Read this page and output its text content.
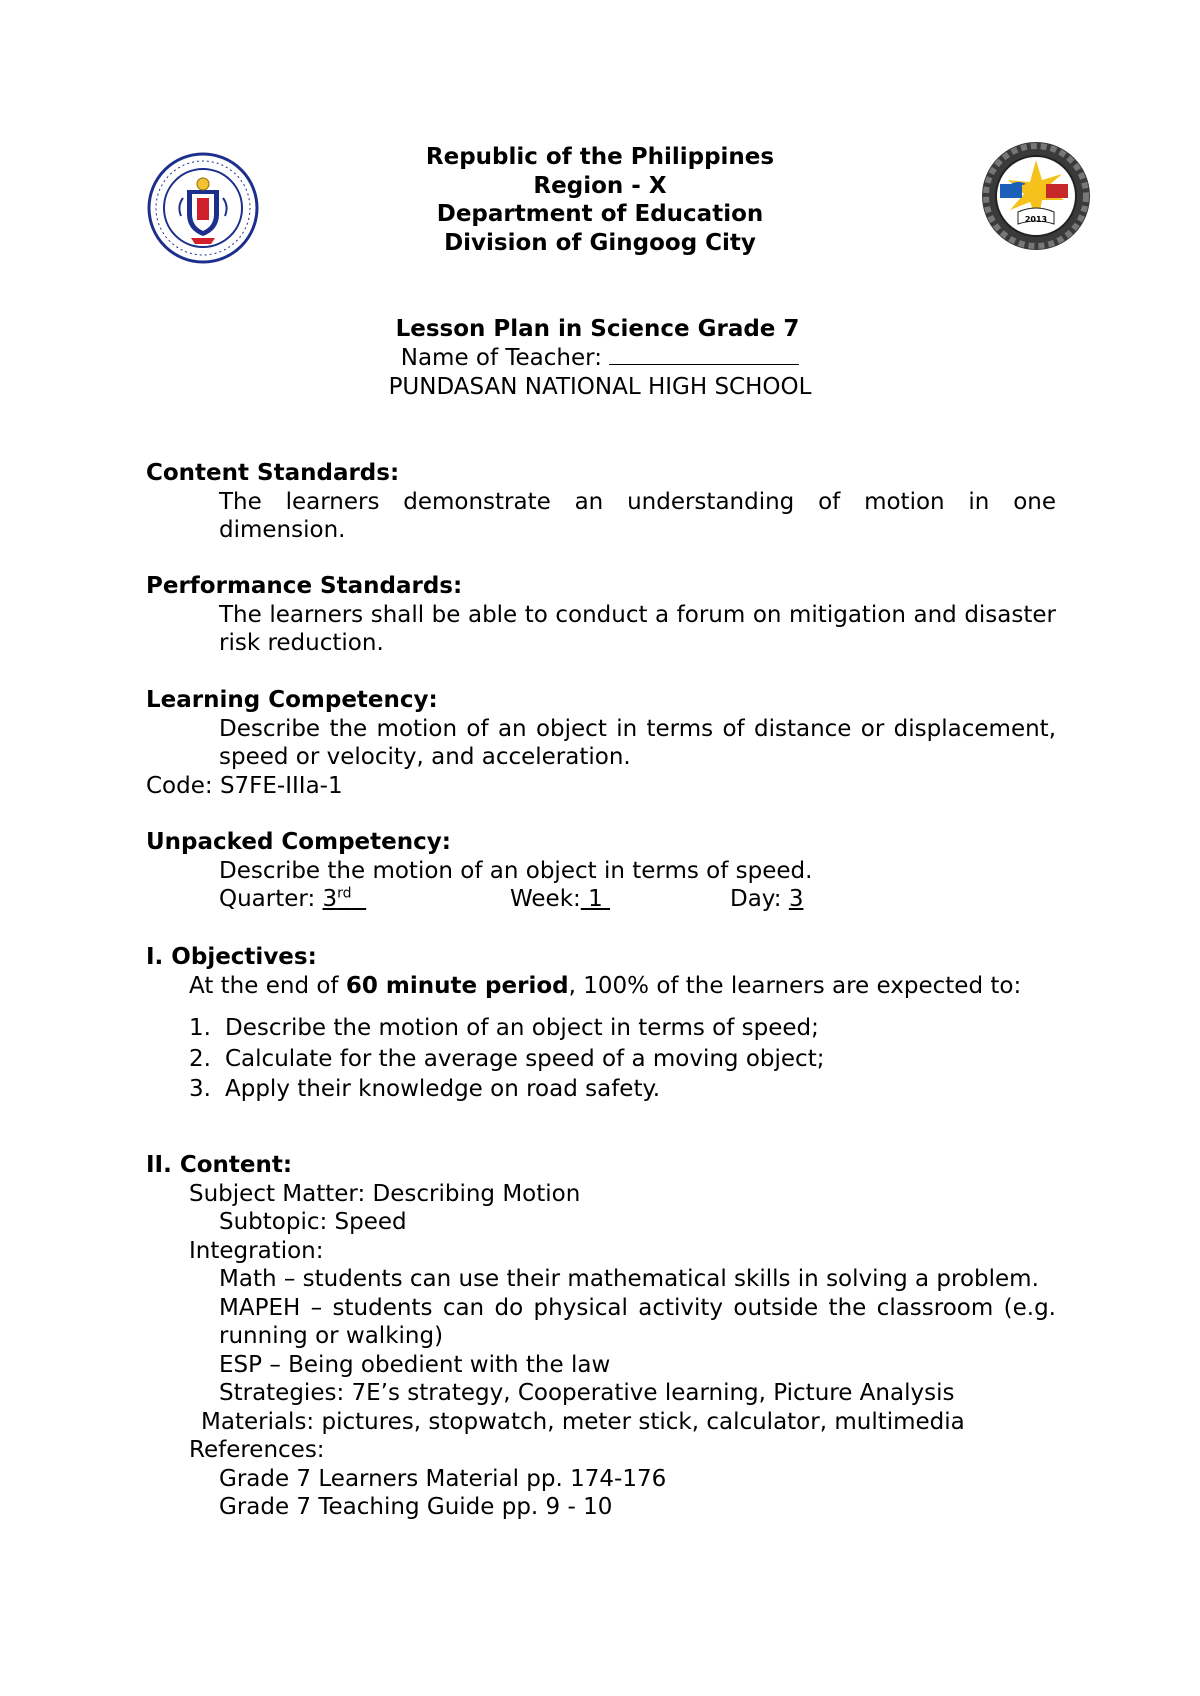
2013
Republic of the Philippines
Region - X
Department of Education
Division of Gingoog City
Lesson Plan in Science Grade 7
Name of Teacher:
PUNDASAN NATIONAL HIGH SCHOOL
Content Standards:
The learners demonstrate an understanding of motion in one dimension.
Performance Standards:
The learners shall be able to conduct a forum on mitigation and disaster risk reduction.
Learning Competency:
Describe the motion of an object in terms of distance or displacement, speed or velocity, and acceleration.
Code: S7FE-IIIa-1
Unpacked Competency:
Describe the motion of an object in terms of speed.
Quarter: 3rd	Week: 1	Day: 3
I. Objectives:
At the end of 60 minute period, 100% of the learners are expected to:
1. Describe the motion of an object in terms of speed;
2. Calculate for the average speed of a moving object;
3. Apply their knowledge on road safety.
II. Content:
Subject Matter: Describing Motion
Subtopic: Speed
Integration:
Math – students can use their mathematical skills in solving a problem.
MAPEH – students can do physical activity outside the classroom (e.g. running or walking)
ESP – Being obedient with the law
Strategies: 7E’s strategy, Cooperative learning, Picture Analysis
Materials: pictures, stopwatch, meter stick, calculator, multimedia
References:
Grade 7 Learners Material pp. 174-176
Grade 7 Teaching Guide pp. 9 - 10
